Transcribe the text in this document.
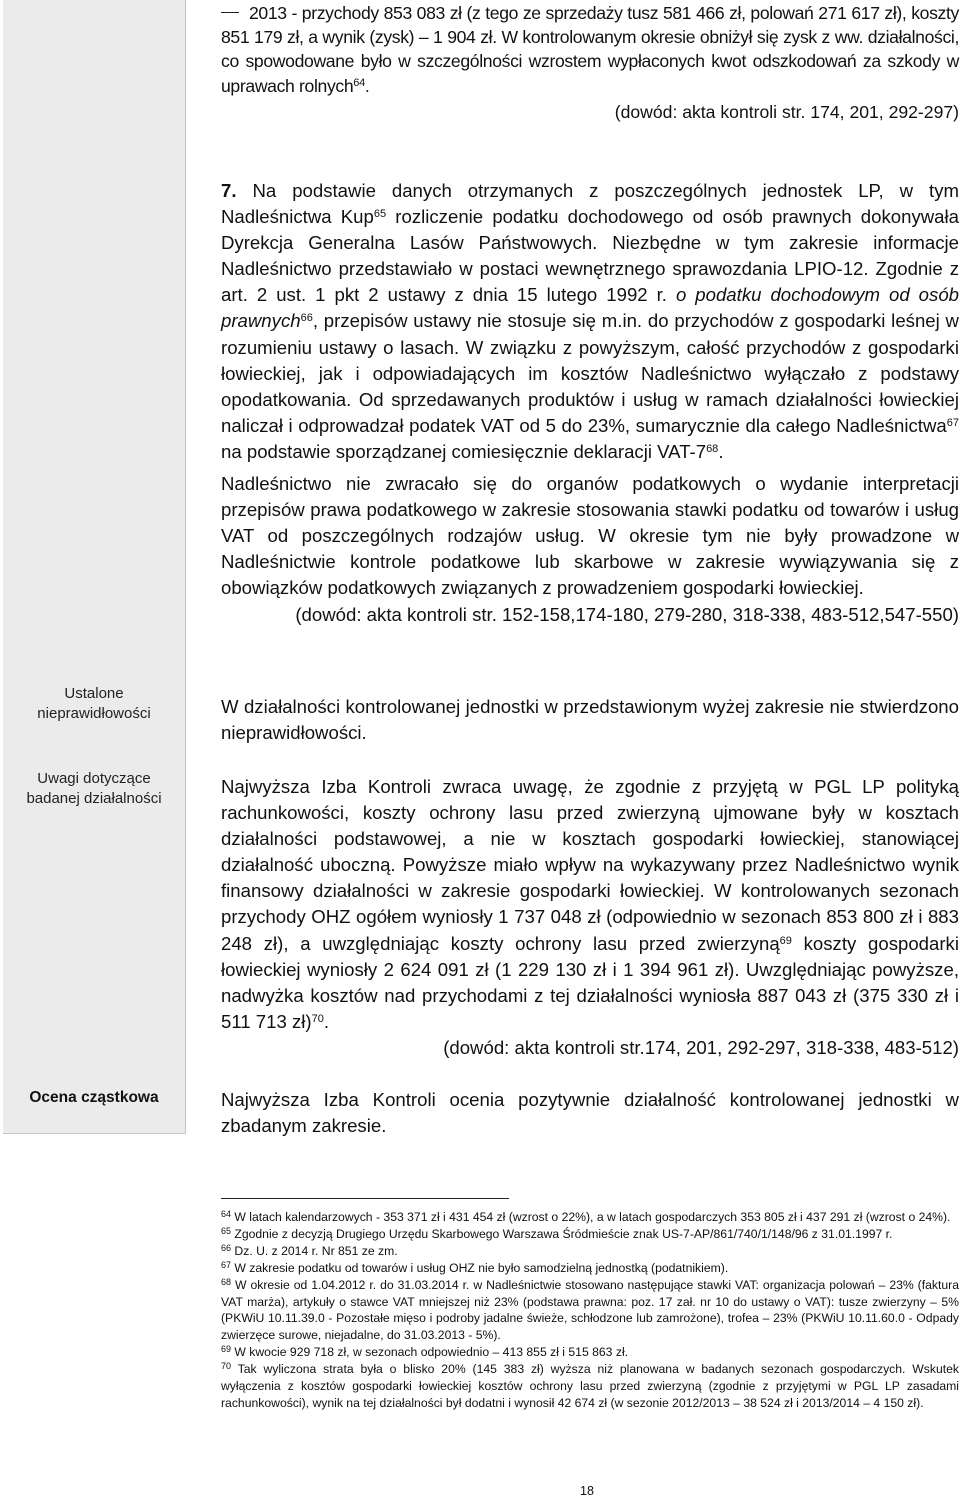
Ustalone
nieprawidłowości
Uwagi dotyczące
badanej działalności
Ocena cząstkowa

2013 - przychody 853 083 zł (z tego ze sprzedaży tusz 581 466 zł, polowań 271 617 zł), koszty 851 179 zł, a wynik (zysk) – 1 904 zł. W kontrolowanym okresie obniżył się zysk z ww. działalności, co spowodowane było w szczególności wzrostem wypłaconych kwot odszkodowań za szkody w uprawach rolnych$^{64}$.

(dowód: akta kontroli str. 174, 201, 292-297)

7. Na podstawie danych otrzymanych z poszczególnych jednostek LP, w tym Nadleśnictwa Kup$^{65}$ rozliczenie podatku dochodowego od osób prawnych dokonywała Dyrekcja Generalna Lasów Państwowych. Niezbędne w tym zakresie informacje Nadleśnictwo przedstawiało w postaci wewnętrznego sprawozdania LPIO-12. Zgodnie z art. 2 ust. 1 pkt 2 ustawy z dnia 15 lutego 1992 r. o podatku dochodowym od osób prawnych$^{66}$, przepisów ustawy nie stosuje się m.in. do przychodów z gospodarki leśnej w rozumieniu ustawy o lasach. W związku z powyższym, całość przychodów z gospodarki łowieckiej, jak i odpowiadających im kosztów Nadleśnictwo wyłączało z podstawy opodatkowania. Od sprzedawanych produktów i usług w ramach działalności łowieckiej naliczał i odprowadzał podatek VAT od 5 do 23%, sumarycznie dla całego Nadleśnictwa$^{67}$ na podstawie sporządzanej comiesięcznie deklaracji VAT-$7^{68}$.

Nadleśnictwo nie zwracało się do organów podatkowych o wydanie interpretacji przepisów prawa podatkowego w zakresie stosowania stawki podatku od towarów i usług VAT od poszczególnych rodzajów usług. W okresie tym nie były prowadzone w Nadleśnictwie kontrole podatkowe lub skarbowe w zakresie wywiązywania się z obowiązków podatkowych związanych z prowadzeniem gospodarki łowieckiej.

(dowód: akta kontroli str. 152-158,174-180, 279-280, 318-338, 483-512,547-550)

W działalności kontrolowanej jednostki w przedstawionym wyżej zakresie nie stwierdzono nieprawidłowości.

Najwyższa Izba Kontroli zwraca uwagę, że zgodnie z przyjętą w PGL LP polityką rachunkowości, koszty ochrony lasu przed zwierzyną ujmowane były w kosztach działalności podstawowej, a nie w kosztach gospodarki łowieckiej, stanowiącej działalność uboczną. Powyższe miało wpływ na wykazywany przez Nadleśnictwo wynik finansowy działalności w zakresie gospodarki łowieckiej. W kontrolowanych sezonach przychody OHZ ogółem wyniosły 1 737 048 zł (odpowiednio w sezonach 853 800 zł i 883 248 zł), a uwzględniając koszty ochrony lasu przed zwierzyną$^{69}$ koszty gospodarki łowieckiej wyniosły 2 624 091 zł (1 229 130 zł i 1 394 961 zł). Uwzględniając powyższe, nadwyżka kosztów nad przychodami z tej działalności wyniosła 887 043 zł (375 330 zł i 511 713 zł)$^{70}$.

(dowód: akta kontroli str.174, 201, 292-297, 318-338, 483-512)

Najwyższa Izba Kontroli ocenia pozytywnie działalność kontrolowanej jednostki w zbadanym zakresie.

$^{64}$ W latach kalendarzowych - 353 371 zł i 431 454 zł (wzrost o 22%), a w latach gospodarczych 353 805 zł i 437 291 zł (wzrost o 24%).

$^{65}$ Zgodnie z decyzją Drugiego Urzędu Skarbowego Warszawa Śródmieście znak US-7-AP/861/740/1/148/96 z 31.01.1997 r.

$^{66}$ Dz. U. z 2014 r. Nr 851 ze zm.

$^{67}$ W zakresie podatku od towarów i usług OHZ nie było samodzielną jednostką (podatnikiem).

$^{68}$ W okresie od 1.04.2012 r. do 31.03.2014 r. w Nadleśnictwie stosowano następujące stawki VAT: organizacja polowań – 23% (faktura VAT marża), artykuły o stawce VAT mniejszej niż 23% (podstawa prawna: poz. 17 zał. nr 10 do ustawy o VAT): tusze zwierzyny – 5% (PKWiU 10.11.39.0 - Pozostałe mięso i podroby jadalne świeże, schłodzone lub zamrożone), trofea – 23% (PKWiU 10.11.60.0 - Odpady zwierzęce surowe, niejadalne, do 31.03.2013 - 5%).

$^{69}$ W kwocie 929 718 zł, w sezonach odpowiednio – 413 855 zł i 515 863 zł.

$^{70}$ Tak wyliczona strata była o blisko 20% (145 383 zł) wyższa niż planowana w badanych sezonach gospodarczych. Wskutek wyłączenia z kosztów gospodarki łowieckiej kosztów ochrony lasu przed zwierzyną (zgodnie z przyjętymi w PGL LP zasadami rachunkowości), wynik na tej działalności był dodatni i wynosił 42 674 zł (w sezonie 2012/2013 – 38 524 zł i 2013/2014 – 4 150 zł).

18
